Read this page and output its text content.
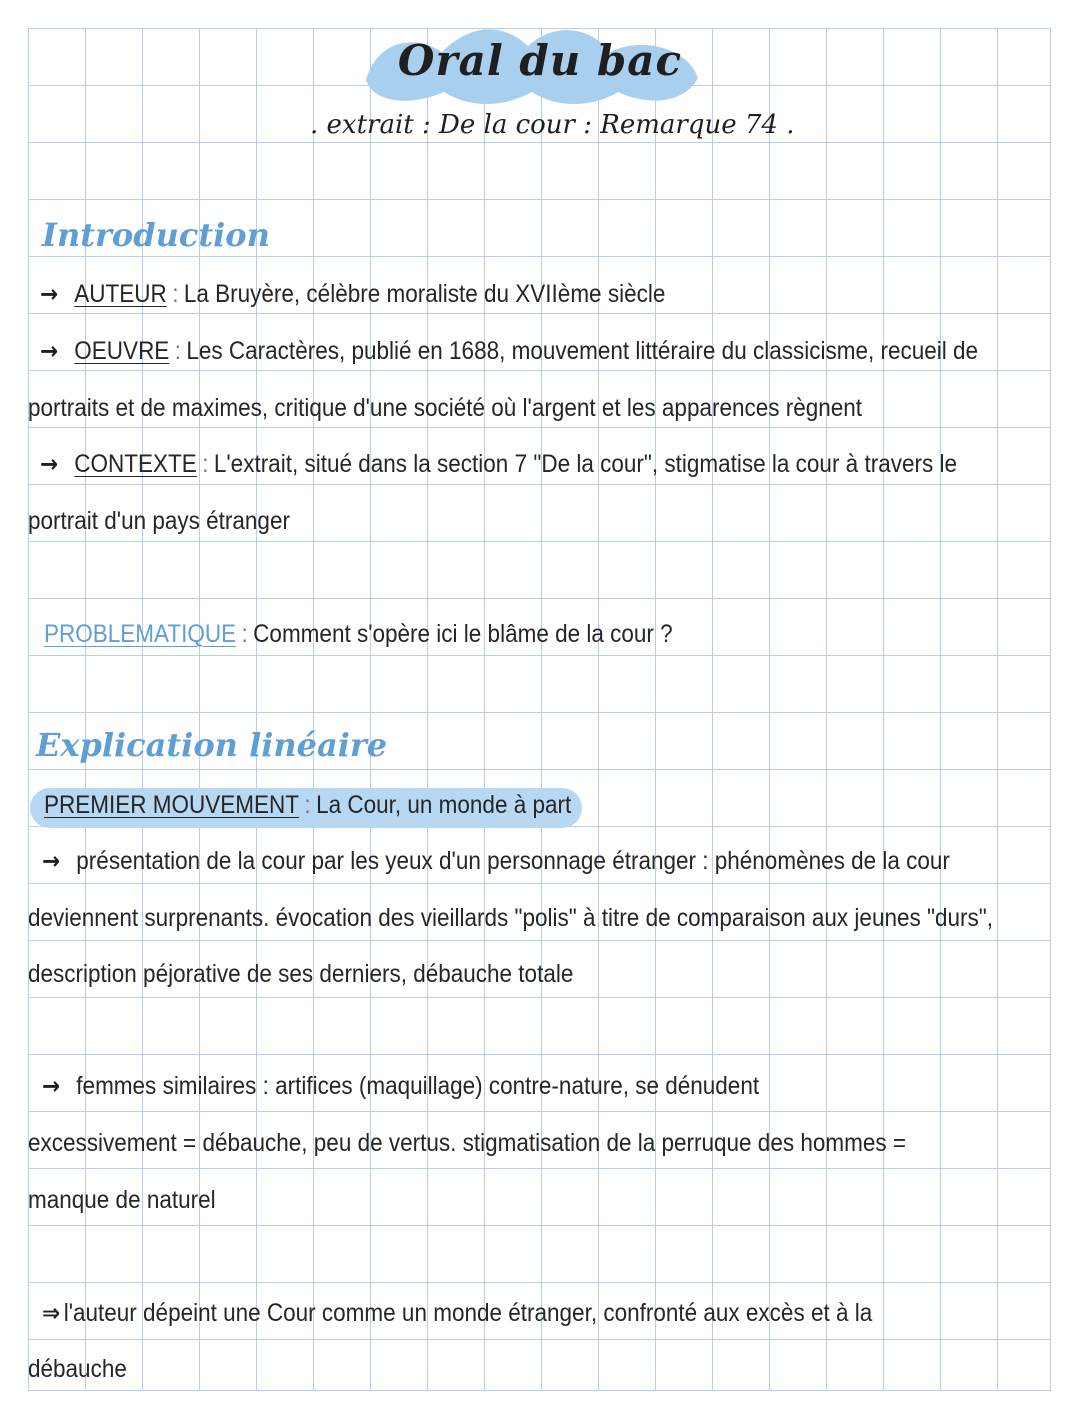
Oral du bac
. extrait : De la cour : Remarque 74 .
Introduction
→ AUTEUR : La Bruyère, célèbre moraliste du XVIIème siècle
→ OEUVRE : Les Caractères, publié en 1688, mouvement littéraire du classicisme, recueil de
portraits et de maximes, critique d'une société où l'argent et les apparences règnent
→ CONTEXTE : L'extrait, situé dans la section 7 "De la cour", stigmatise la cour à travers le
portrait d'un pays étranger
PROBLEMATIQUE : Comment s'opère ici le blâme de la cour ?
Explication linéaire
PREMIER MOUVEMENT : La Cour, un monde à part
→ présentation de la cour par les yeux d'un personnage étranger : phénomènes de la cour
deviennent surprenants. évocation des vieillards "polis" à titre de comparaison aux jeunes "durs",
description péjorative de ses derniers, débauche totale
→ femmes similaires : artifices (maquillage) contre-nature, se dénudent
excessivement = débauche, peu de vertus. stigmatisation de la perruque des hommes =
manque de naturel
⇒ l'auteur dépeint une Cour comme un monde étranger, confronté aux excès et à la
débauche
